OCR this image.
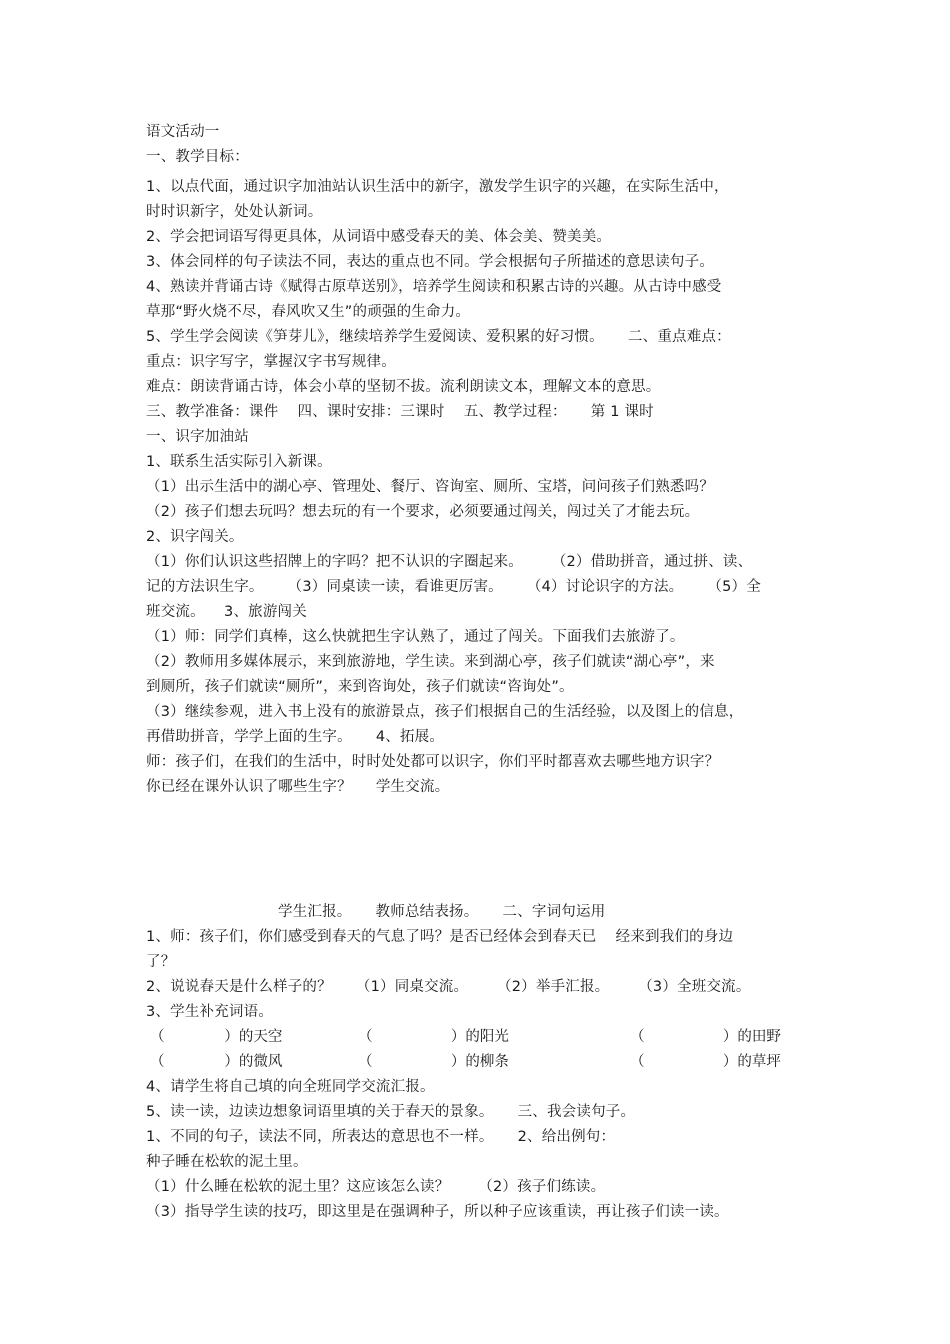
语文活动一
一、教学目标：
1、以点代面，通过识字加油站认识生活中的新字，激发学生识字的兴趣，在实际生活中，
时时识新字，处处认新词。
2、学会把词语写得更具体，从词语中感受春天的美、体会美、赞美美。
3、体会同样的句子读法不同，表达的重点也不同。学会根据句子所描述的意思读句子。
4、熟读并背诵古诗《赋得古原草送别》，培养学生阅读和积累古诗的兴趣。从古诗中感受
草那“野火烧不尽，春风吹又生”的顽强的生命力。
5、学生学会阅读《笋芽儿》，继续培养学生爱阅读、爱积累的好习惯。     二、重点难点：
重点：识字写字，掌握汉字书写规律。
难点：朗读背诵古诗，体会小草的坚韧不拔。流利朗读文本，理解文本的意思。
三、教学准备：课件    四、课时安排：三课时    五、教学过程：     第 1 课时
一、识字加油站
1、联系生活实际引入新课。
（1）出示生活中的湖心亭、管理处、餐厅、咨询室、厕所、宝塔，问问孩子们熟悉吗？
（2）孩子们想去玩吗？想去玩的有一个要求，必须要通过闯关，闯过关了才能去玩。
2、识字闯关。
（1）你们认识这些招牌上的字吗？把不认识的字圈起来。      （2）借助拼音，通过拼、读、
记的方法识生字。     （3）同桌读一读，看谁更厉害。     （4）讨论识字的方法。     （5）全
班交流。    3、旅游闯关
（1）师：同学们真棒，这么快就把生字认熟了，通过了闯关。下面我们去旅游了。
（2）教师用多媒体展示，来到旅游地，学生读。来到湖心亭，孩子们就读“湖心亭”，来
到厕所，孩子们就读“厕所”，来到咨询处，孩子们就读“咨询处”。
（3）继续参观，进入书上没有的旅游景点，孩子们根据自己的生活经验，以及图上的信息，
再借助拼音，学学上面的生字。     4、拓展。
师：孩子们，在我们的生活中，时时处处都可以识字，你们平时都喜欢去哪些地方识字？
你已经在课外认识了哪些生字？     学生交流。
学生汇报。     教师总结表扬。     二、字词句运用
1、师：孩子们，你们感受到春天的气息了吗？是否已经体会到春天已    经来到我们的身边
了？
2、说说春天是什么样子的？     （1）同桌交流。      （2）举手汇报。      （3）全班交流。
3、学生补充词语。
（             ）的天空	（                 ）的阳光	（                 ）的田野
（             ）的微风	（                 ）的柳条	（                 ）的草坪
4、请学生将自己填的向全班同学交流汇报。
5、读一读，边读边想象词语里填的关于春天的景象。     三、我会读句子。
1、不同的句子，读法不同，所表达的意思也不一样。     2、给出例句：
种子睡在松软的泥土里。
（1）什么睡在松软的泥土里？这应该怎么读？      （2）孩子们练读。
（3）指导学生读的技巧，即这里是在强调种子，所以种子应该重读，再让孩子们读一读。
